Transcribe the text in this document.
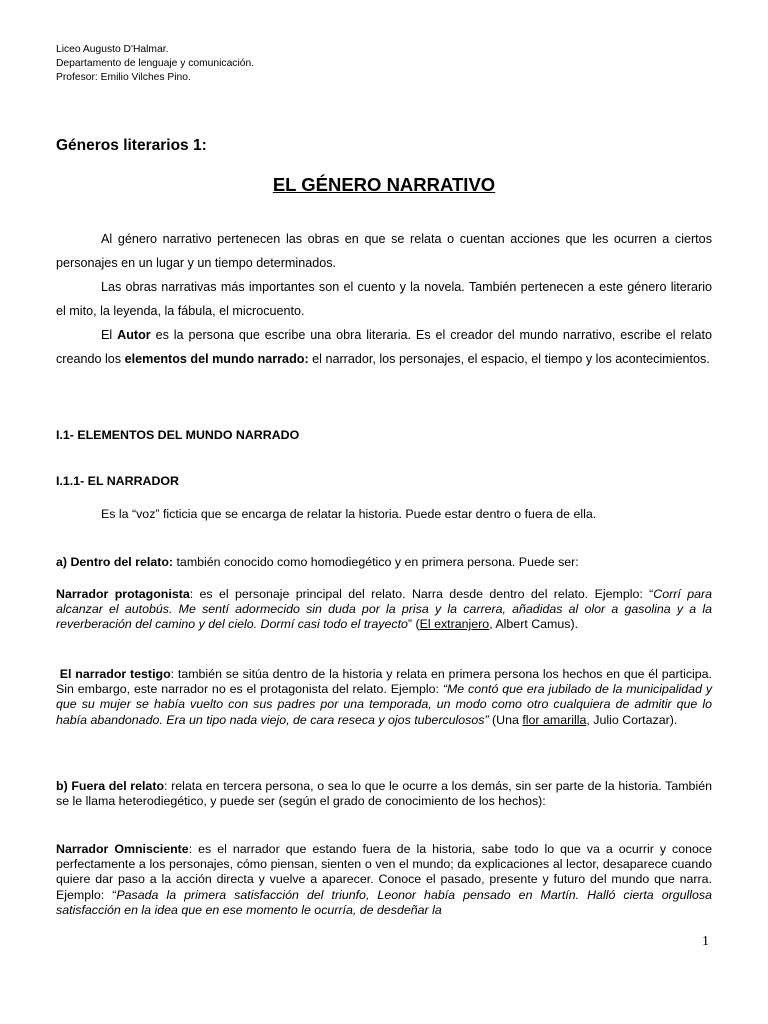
Liceo Augusto D'Halmar.
Departamento de lenguaje y comunicación.
Profesor: Emilio Vilches Pino.
Géneros literarios 1:
EL GÉNERO NARRATIVO

Al género narrativo pertenecen las obras en que se relata o cuentan acciones que les ocurren a ciertos personajes en un lugar y un tiempo determinados.

Las obras narrativas más importantes son el cuento y la novela. También pertenecen a este género literario el mito, la leyenda, la fábula, el microcuento.

El Autor es la persona que escribe una obra literaria. Es el creador del mundo narrativo, escribe el relato creando los elementos del mundo narrado: el narrador, los personajes, el espacio, el tiempo y los acontecimientos.

I.1- ELEMENTOS DEL MUNDO NARRADO
I.1.1- EL NARRADOR
Es la “voz” ficticia que se encarga de relatar la historia. Puede estar dentro o fuera de ella.

a) Dentro del relato: también conocido como homodiegético y en primera persona. Puede ser:

Narrador protagonista: es el personaje principal del relato. Narra desde dentro del relato. Ejemplo: “Corrí para alcanzar el autobús. Me sentí adormecido sin duda por la prisa y la carrera, añadidas al olor a gasolina y a la reverberación del camino y del cielo. Dormí casi todo el trayecto” (El extranjero, Albert Camus).

El narrador testigo: también se sitúa dentro de la historia y relata en primera persona los hechos en que él participa. Sin embargo, este narrador no es el protagonista del relato. Ejemplo: “Me contó que era jubilado de la municipalidad y que su mujer se había vuelto con sus padres por una temporada, un modo como otro cualquiera de admitir que lo había abandonado. Era un tipo nada viejo, de cara reseca y ojos tuberculosos” (Una flor amarilla, Julio Cortazar).

b) Fuera del relato: relata en tercera persona, o sea lo que le ocurre a los demás, sin ser parte de la historia. También se le llama heterodiegético, y puede ser (según el grado de conocimiento de los hechos):

Narrador Omnisciente: es el narrador que estando fuera de la historia, sabe todo lo que va a ocurrir y conoce perfectamente a los personajes, cómo piensan, sienten o ven el mundo; da explicaciones al lector, desaparece cuando quiere dar paso a la acción directa y vuelve a aparecer. Conoce el pasado, presente y futuro del mundo que narra. Ejemplo: “Pasada la primera satisfacción del triunfo, Leonor había pensado en Martín. Halló cierta orgullosa satisfacción en la idea que en ese momento le ocurría, de desdeñar la

1
